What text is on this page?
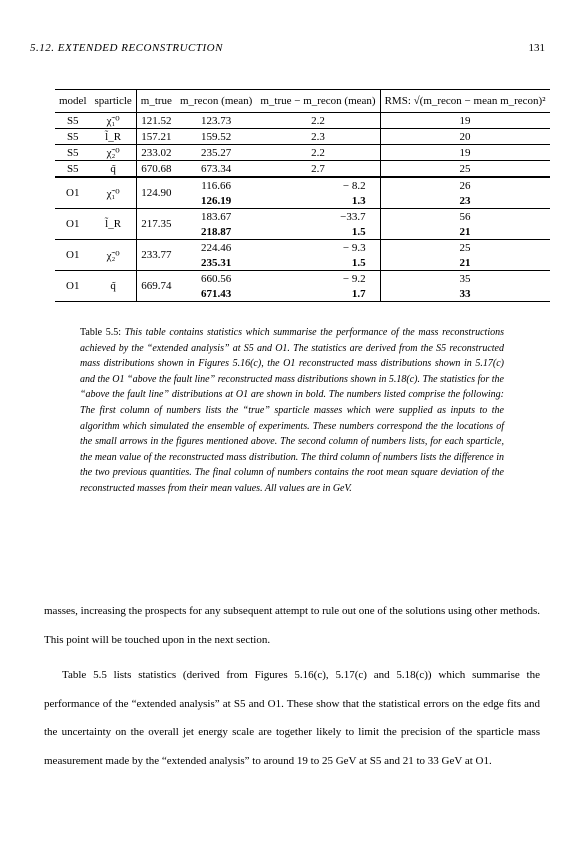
5.12. EXTENDED RECONSTRUCTION	131
model	sparticle	m_true	m_recon (mean)	m_true − m_recon (mean)	RMS: √(m_recon − mean m_recon)²
S5	χ̃₁⁰	121.52	123.73	2.2	19
S5	l̃_R	157.21	159.52	2.3	20
S5	χ̃₂⁰	233.02	235.27	2.2	19
S5	q̃	670.68	673.34	2.7	25
O1	χ̃₁⁰	124.90	116.66	− 8.2	26
			126.19	1.3	23
O1	l̃_R	217.35	183.67	−33.7	56
			218.87	1.5	21
O1	χ̃₂⁰	233.77	224.46	− 9.3	25
			235.31	1.5	21
O1	q̃	669.74	660.56	− 9.2	35
			671.43	1.7	33
Table 5.5: This table contains statistics which summarise the performance of the mass reconstructions achieved by the “extended analysis” at S5 and O1. The statistics are derived from the S5 reconstructed mass distributions shown in Figures 5.16(c), the O1 reconstructed mass distributions shown in 5.17(c) and the O1 “above the fault line” reconstructed mass distributions shown in 5.18(c). The statistics for the “above the fault line” distributions at O1 are shown in bold. The numbers listed comprise the following: The first column of numbers lists the “true” sparticle masses which were supplied as inputs to the algorithm which simulated the ensemble of experiments. These numbers correspond the the locations of the small arrows in the figures mentioned above. The second column of numbers lists, for each sparticle, the mean value of the reconstructed mass distribution. The third column of numbers lists the difference in the two previous quantities. The final column of numbers contains the root mean square deviation of the reconstructed masses from their mean values. All values are in GeV.
masses, increasing the prospects for any subsequent attempt to rule out one of the solutions using other methods. This point will be touched upon in the next section.
Table 5.5 lists statistics (derived from Figures 5.16(c), 5.17(c) and 5.18(c)) which summarise the performance of the “extended analysis” at S5 and O1. These show that the statistical errors on the edge fits and the uncertainty on the overall jet energy scale are together likely to limit the precision of the sparticle mass measurement made by the “extended analysis” to around 19 to 25 GeV at S5 and 21 to 33 GeV at O1.
